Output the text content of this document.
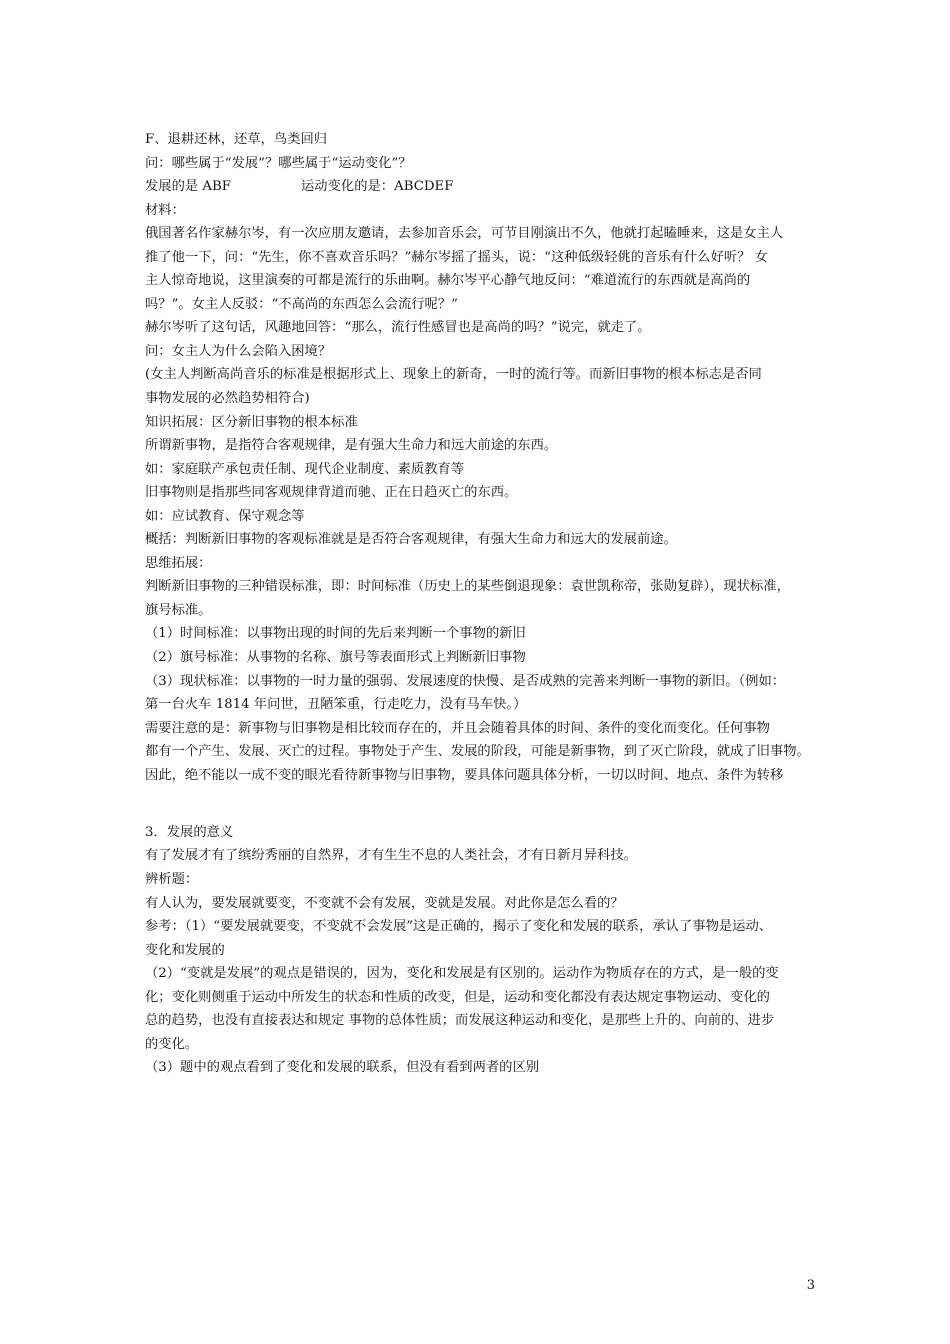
F、退耕还林，还草，鸟类回归
问：哪些属于“发展”？哪些属于“运动变化”？
发展的是 ABF	运动变化的是：ABCDEF
材料：
俄国著名作家赫尔岑，有一次应朋友邀请，去参加音乐会，可节目刚演出不久，他就打起瞌睡来，这是女主人
推了他一下，问：“先生，你不喜欢音乐吗？”赫尔岑摇了摇头，说：“这种低级轻佻的音乐有什么好听？ 女
主人惊奇地说，这里演奏的可都是流行的乐曲啊。赫尔岑平心静气地反问：“难道流行的东西就是高尚的
吗？”。女主人反驳：“不高尚的东西怎么会流行呢？”
赫尔岑听了这句话，风趣地回答：“那么，流行性感冒也是高尚的吗？”说完，就走了。
问：女主人为什么会陷入困境？
(女主人判断高尚音乐的标准是根据形式上、现象上的新奇，一时的流行等。而新旧事物的根本标志是否同
事物发展的必然趋势相符合)
知识拓展：区分新旧事物的根本标准
所谓新事物，是指符合客观规律，是有强大生命力和远大前途的东西。
如：家庭联产承包责任制、现代企业制度、素质教育等
旧事物则是指那些同客观规律背道而驰、正在日趋灭亡的东西。
如：应试教育、保守观念等
概括：判断新旧事物的客观标准就是是否符合客观规律，有强大生命力和远大的发展前途。
思维拓展：
判断新旧事物的三种错误标准，即：时间标准（历史上的某些倒退现象：袁世凯称帝，张勋复辟），现状标准，
旗号标准。
（1）时间标准：以事物出现的时间的先后来判断一个事物的新旧
（2）旗号标准：从事物的名称、旗号等表面形式上判断新旧事物
（3）现状标准：以事物的一时力量的强弱、发展速度的快慢、是否成熟的完善来判断一事物的新旧。（例如：
第一台火车 1814 年问世，丑陋笨重，行走吃力，没有马车快。）
需要注意的是：新事物与旧事物是相比较而存在的，并且会随着具体的时间、条件的变化而变化。任何事物
都有一个产生、发展、灭亡的过程。事物处于产生、发展的阶段，可能是新事物，到了灭亡阶段，就成了旧事物。
因此，绝不能以一成不变的眼光看待新事物与旧事物，要具体问题具体分析，一切以时间、地点、条件为转移
3．发展的意义
有了发展才有了缤纷秀丽的自然界，才有生生不息的人类社会，才有日新月异科技。
辨析题：
有人认为，要发展就要变，不变就不会有发展，变就是发展。对此你是怎么看的？
参考：（1）“要发展就要变，不变就不会发展”这是正确的，揭示了变化和发展的联系，承认了事物是运动、
变化和发展的
（2）“变就是发展”的观点是错误的，因为，变化和发展是有区别的。运动作为物质存在的方式，是一般的变
化；变化则侧重于运动中所发生的状态和性质的改变，但是，运动和变化都没有表达规定事物运动、变化的
总的趋势，也没有直接表达和规定 事物的总体性质；而发展这种运动和变化，是那些上升的、向前的、进步
的变化。
（3）题中的观点看到了变化和发展的联系，但没有看到两者的区别
3
